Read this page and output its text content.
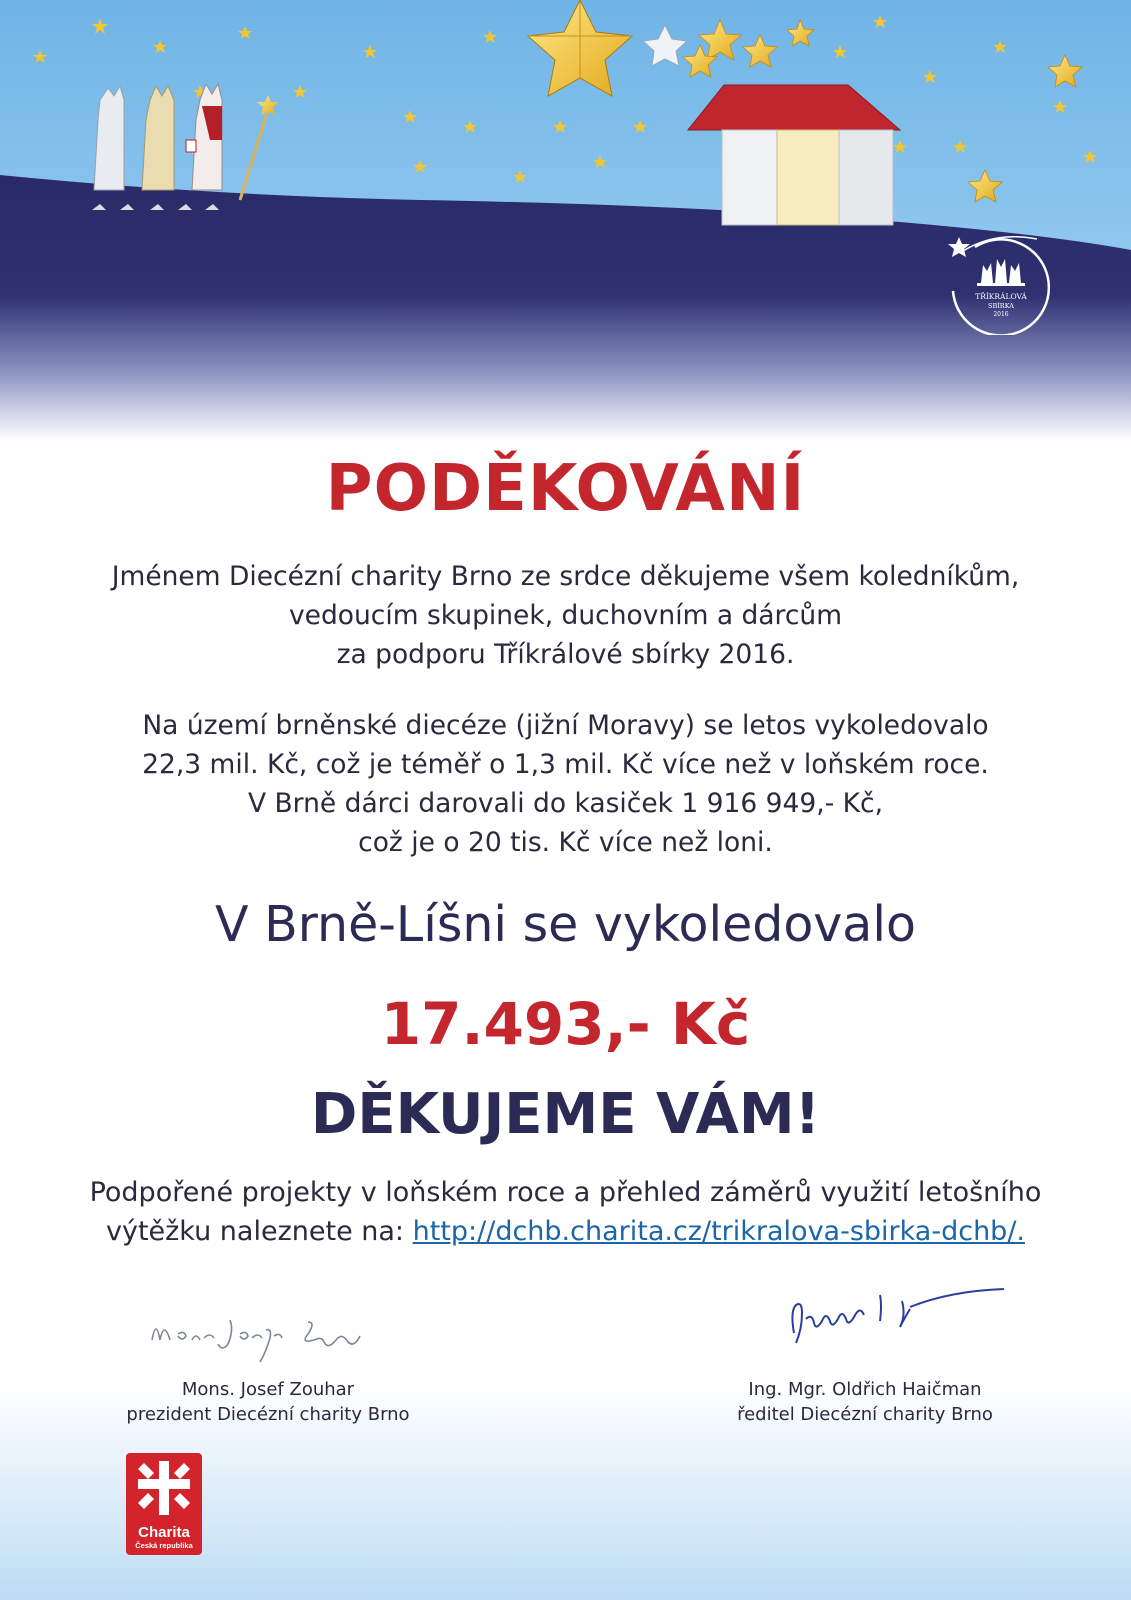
TŘÍKRÁLOVÁ
SBÍRKA
2016
PODĚKOVÁNÍ
Jménem Diecézní charity Brno ze srdce děkujeme všem koledníkům,
vedoucím skupinek, duchovním a dárcům
za podporu Tříkrálové sbírky 2016.
Na území brněnské diecéze (jižní Moravy) se letos vykoledovalo
22,3 mil. Kč, což je téměř o 1,3 mil. Kč více než v loňském roce.
V Brně dárci darovali do kasiček 1 916 949,- Kč,
což je o 20 tis. Kč více než loni.
V Brně-Líšni se vykoledovalo
17.493,- Kč
DĚKUJEME VÁM!
Podpořené projekty v loňském roce a přehled záměrů využití letošního
výtěžku naleznete na: http://dchb.charita.cz/trikralova-sbirka-dchb/.
Mons. Josef Zouhar
prezident Diecézní charity Brno
Ing. Mgr. Oldřich Haičman
ředitel Diecézní charity Brno
Charita
Česká republika
